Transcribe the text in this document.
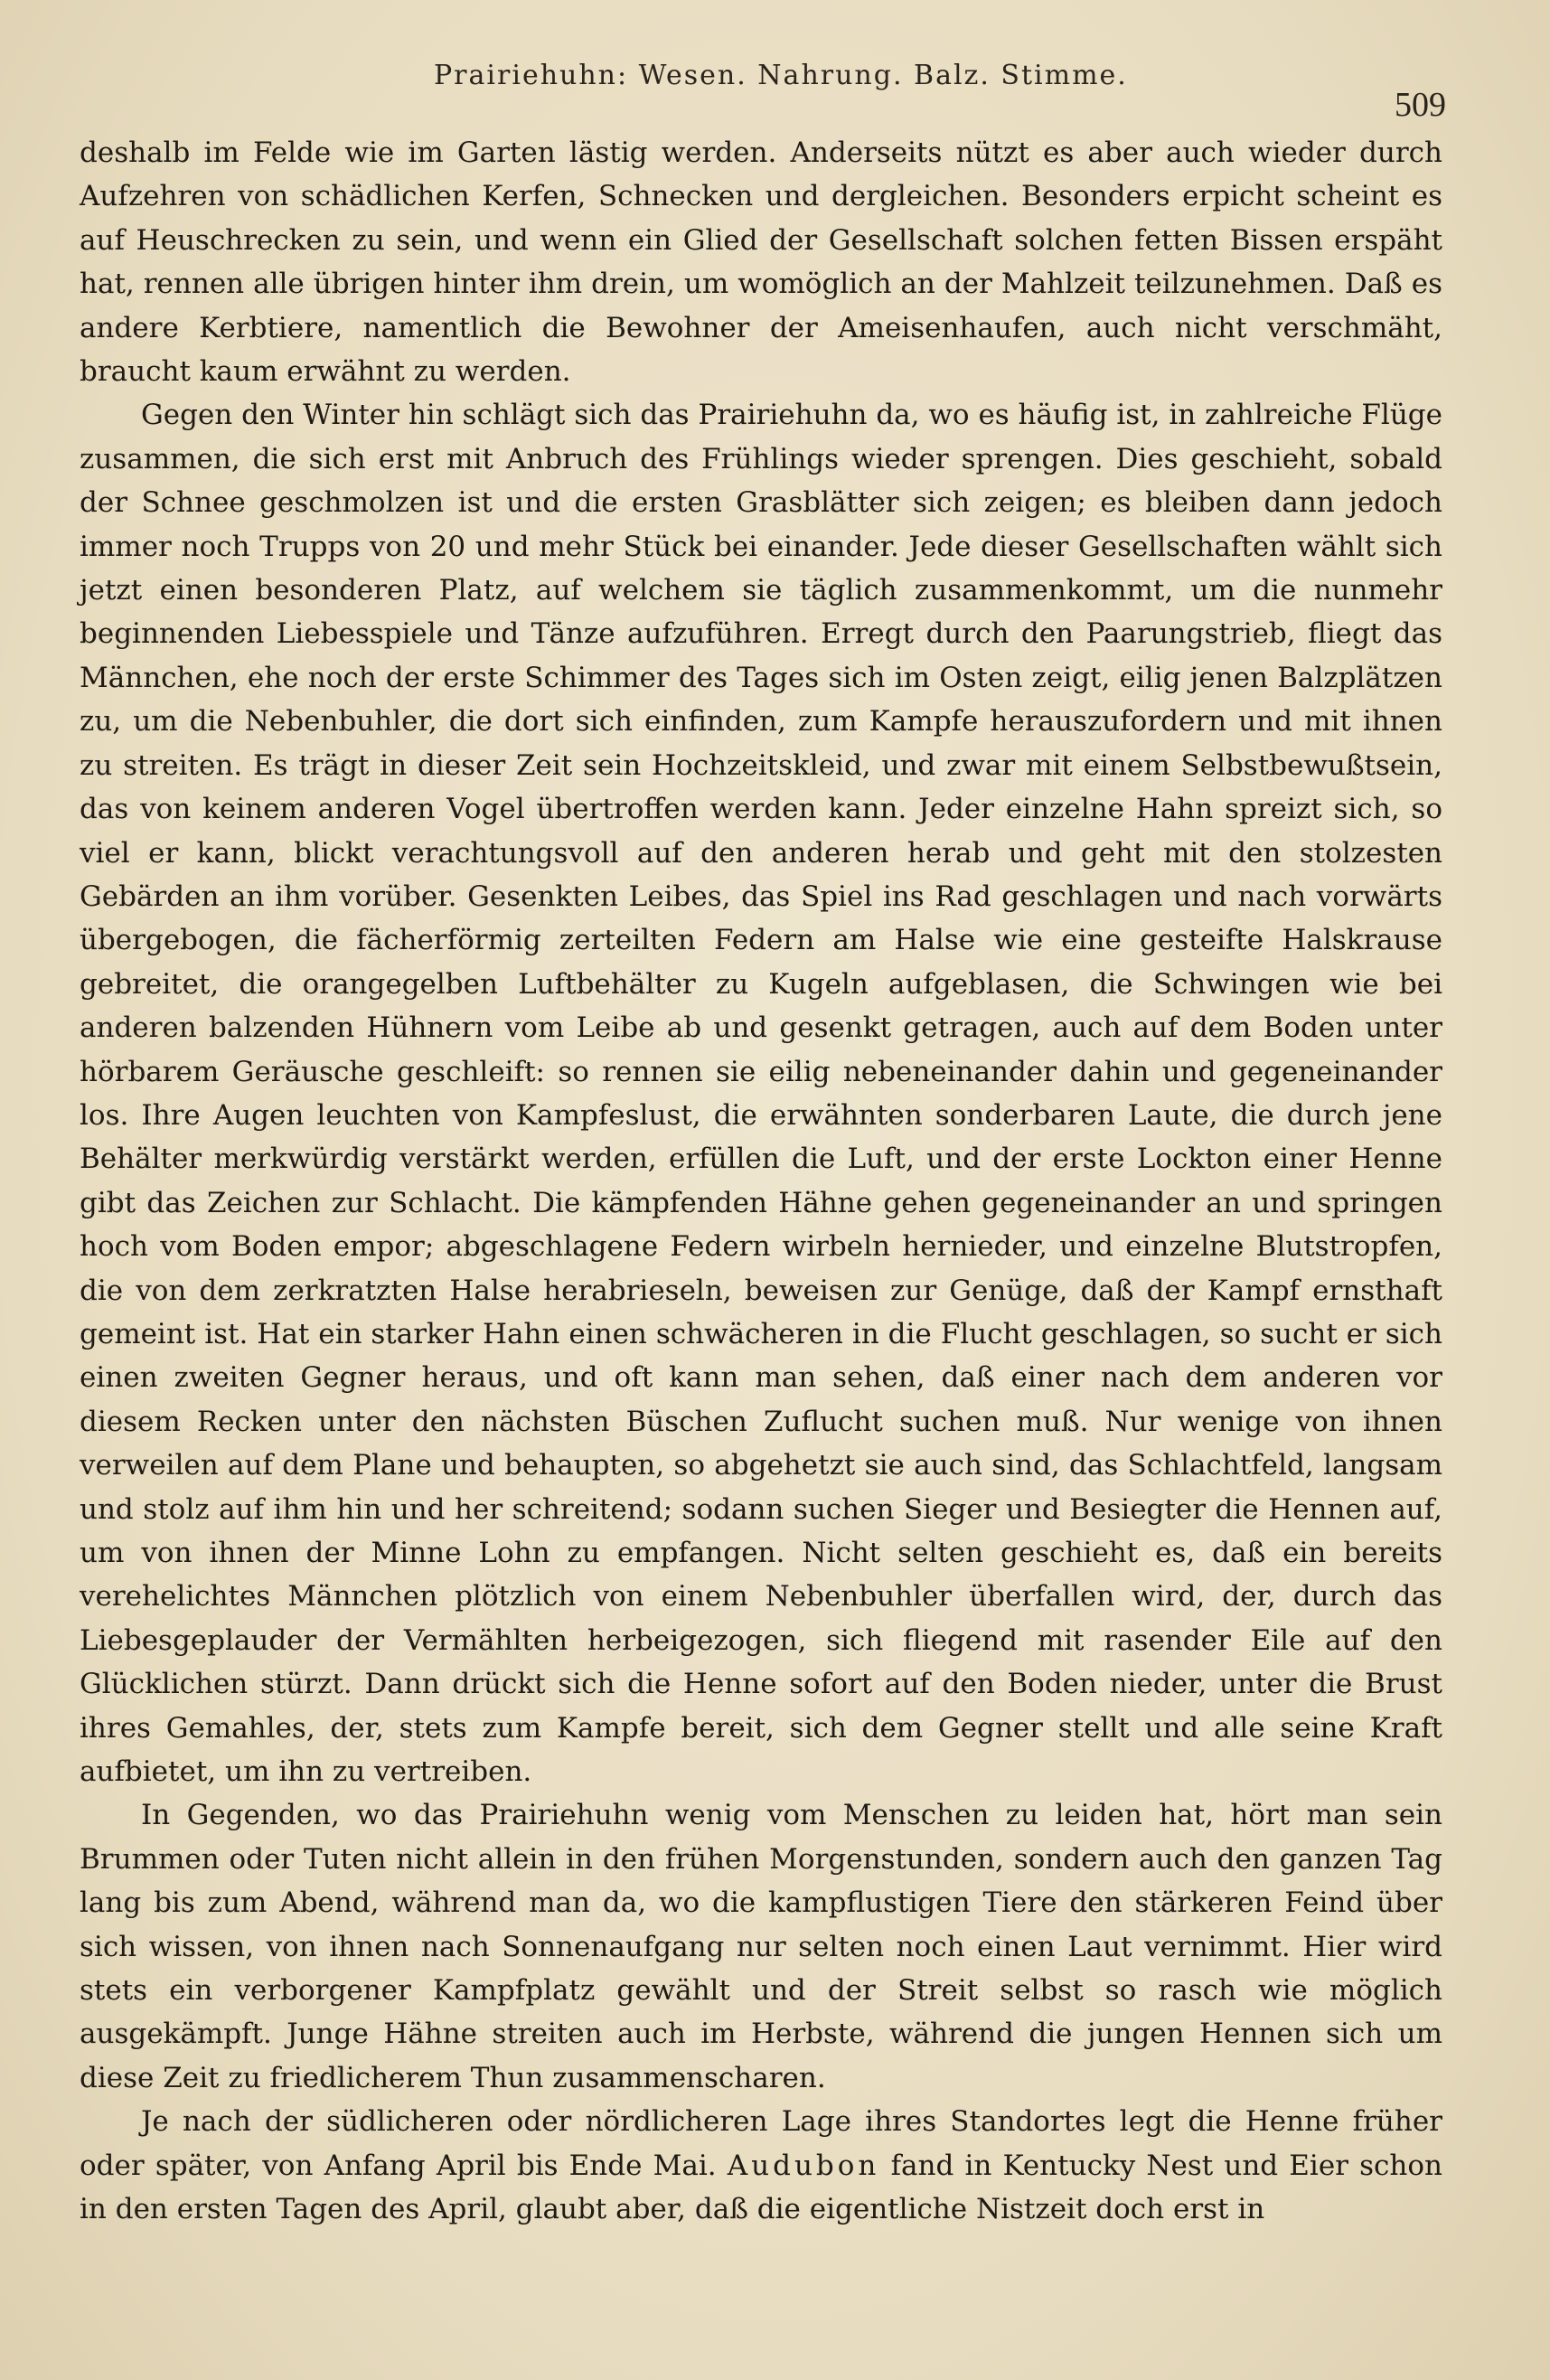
Prairiehuhn: Wesen. Nahrung. Balz. Stimme.
509

deshalb im Felde wie im Garten lästig werden. Anderseits nützt es aber auch wieder durch Aufzehren von schädlichen Kerfen, Schnecken und dergleichen. Besonders erpicht scheint es auf Heuschrecken zu sein, und wenn ein Glied der Gesellschaft solchen fetten Bissen erspäht hat, rennen alle übrigen hinter ihm drein, um womöglich an der Mahlzeit teilzunehmen. Daß es andere Kerbtiere, namentlich die Bewohner der Ameisenhaufen, auch nicht verschmäht, braucht kaum erwähnt zu werden.

Gegen den Winter hin schlägt sich das Prairiehuhn da, wo es häufig ist, in zahlreiche Flüge zusammen, die sich erst mit Anbruch des Frühlings wieder sprengen. Dies geschieht, sobald der Schnee geschmolzen ist und die ersten Grasblätter sich zeigen; es bleiben dann jedoch immer noch Trupps von 20 und mehr Stück bei einander. Jede dieser Gesellschaften wählt sich jetzt einen besonderen Platz, auf welchem sie täglich zusammenkommt, um die nunmehr beginnenden Liebesspiele und Tänze aufzuführen. Erregt durch den Paarungstrieb, fliegt das Männchen, ehe noch der erste Schimmer des Tages sich im Osten zeigt, eilig jenen Balzplätzen zu, um die Nebenbuhler, die dort sich einfinden, zum Kampfe herauszufordern und mit ihnen zu streiten. Es trägt in dieser Zeit sein Hochzeitskleid, und zwar mit einem Selbstbewußtsein, das von keinem anderen Vogel übertroffen werden kann. Jeder einzelne Hahn spreizt sich, so viel er kann, blickt verachtungsvoll auf den anderen herab und geht mit den stolzesten Gebärden an ihm vorüber. Gesenkten Leibes, das Spiel ins Rad geschlagen und nach vorwärts übergebogen, die fächerförmig zerteilten Federn am Halse wie eine gesteifte Halskrause gebreitet, die orangegelben Luftbehälter zu Kugeln aufgeblasen, die Schwingen wie bei anderen balzenden Hühnern vom Leibe ab und gesenkt getragen, auch auf dem Boden unter hörbarem Geräusche geschleift: so rennen sie eilig nebeneinander dahin und gegeneinander los. Ihre Augen leuchten von Kampfeslust, die erwähnten sonderbaren Laute, die durch jene Behälter merkwürdig verstärkt werden, erfüllen die Luft, und der erste Lockton einer Henne gibt das Zeichen zur Schlacht. Die kämpfenden Hähne gehen gegeneinander an und springen hoch vom Boden empor; abgeschlagene Federn wirbeln hernieder, und einzelne Blutstropfen, die von dem zerkratzten Halse herabrieseln, beweisen zur Genüge, daß der Kampf ernsthaft gemeint ist. Hat ein starker Hahn einen schwächeren in die Flucht geschlagen, so sucht er sich einen zweiten Gegner heraus, und oft kann man sehen, daß einer nach dem anderen vor diesem Recken unter den nächsten Büschen Zuflucht suchen muß. Nur wenige von ihnen verweilen auf dem Plane und behaupten, so abgehetzt sie auch sind, das Schlachtfeld, langsam und stolz auf ihm hin und her schreitend; sodann suchen Sieger und Besiegter die Hennen auf, um von ihnen der Minne Lohn zu empfangen. Nicht selten geschieht es, daß ein bereits verehelichtes Männchen plötzlich von einem Nebenbuhler überfallen wird, der, durch das Liebesgeplauder der Vermählten herbeigezogen, sich fliegend mit rasender Eile auf den Glücklichen stürzt. Dann drückt sich die Henne sofort auf den Boden nieder, unter die Brust ihres Gemahles, der, stets zum Kampfe bereit, sich dem Gegner stellt und alle seine Kraft aufbietet, um ihn zu vertreiben.

In Gegenden, wo das Prairiehuhn wenig vom Menschen zu leiden hat, hört man sein Brummen oder Tuten nicht allein in den frühen Morgenstunden, sondern auch den ganzen Tag lang bis zum Abend, während man da, wo die kampflustigen Tiere den stärkeren Feind über sich wissen, von ihnen nach Sonnenaufgang nur selten noch einen Laut vernimmt. Hier wird stets ein verborgener Kampfplatz gewählt und der Streit selbst so rasch wie möglich ausgekämpft. Junge Hähne streiten auch im Herbste, während die jungen Hennen sich um diese Zeit zu friedlicherem Thun zusammenscharen.

Je nach der südlicheren oder nördlicheren Lage ihres Standortes legt die Henne früher oder später, von Anfang April bis Ende Mai. Audubon fand in Kentucky Nest und Eier schon in den ersten Tagen des April, glaubt aber, daß die eigentliche Nistzeit doch erst in
